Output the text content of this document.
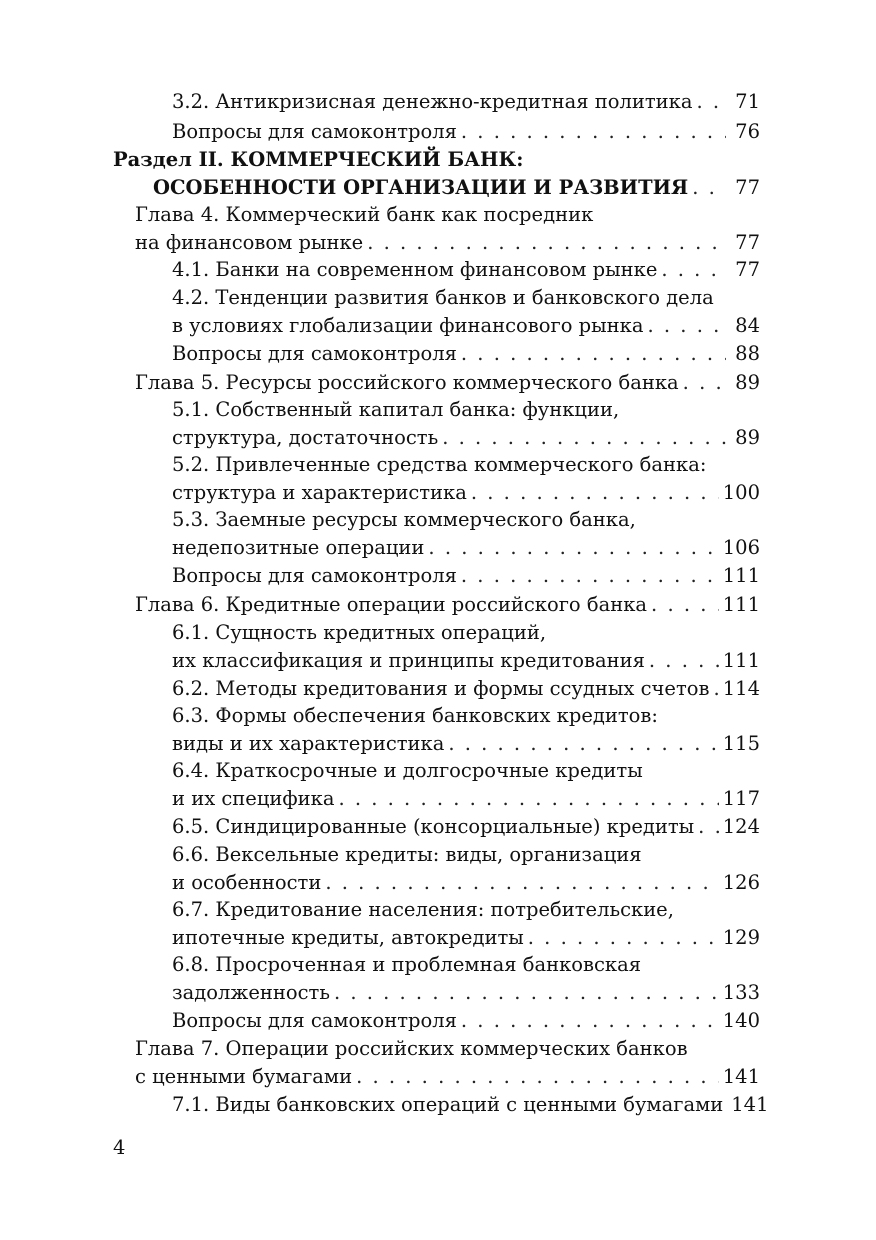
3.2. Антикризисная денежно-кредитная политика . . . 71
Вопросы для самоконтроля . . .	76
Раздел II. КОММЕРЧЕСКИЙ БАНК:
ОСОБЕННОСТИ ОРГАНИЗАЦИИ И РАЗВИТИЯ . . . 77
Глава 4. Коммерческий банк как посредник
на финансовом рынке . . .	77
4.1. Банки на современном финансовом рынке . . .	77
4.2. Тенденции развития банков и банковского дела
в условиях глобализации финансового рынка . . .	84
Вопросы для самоконтроля . . .	88
Глава 5. Ресурсы российского коммерческого банка . . .	89
5.1. Собственный капитал банка: функции,
структура, достаточность . . .	89
5.2. Привлеченные средства коммерческого банка:
структура и характеристика . . .	100
5.3. Заемные ресурсы коммерческого банка,
недепозитные операции . . .	106
Вопросы для самоконтроля . . .	111
Глава 6. Кредитные операции российского банка . . .	111
6.1. Сущность кредитных операций,
их классификация и принципы кредитования . . .	111
6.2. Методы кредитования и формы ссудных счетов . . . 114
6.3. Формы обеспечения банковских кредитов:
виды и их характеристика . . .	115
6.4. Краткосрочные и долгосрочные кредиты
и их специфика . . .	117
6.5. Синдицированные (консорциальные) кредиты . . . 124
6.6. Вексельные кредиты: виды, организация
и особенности . . .	126
6.7. Кредитование населения: потребительские,
ипотечные кредиты, автокредиты . . .	129
6.8. Просроченная и проблемная банковская
задолженность . . .	133
Вопросы для самоконтроля . . .	140
Глава 7. Операции российских коммерческих банков
с ценными бумагами . . .	141
7.1. Виды банковских операций с ценными бумагами 141
4
